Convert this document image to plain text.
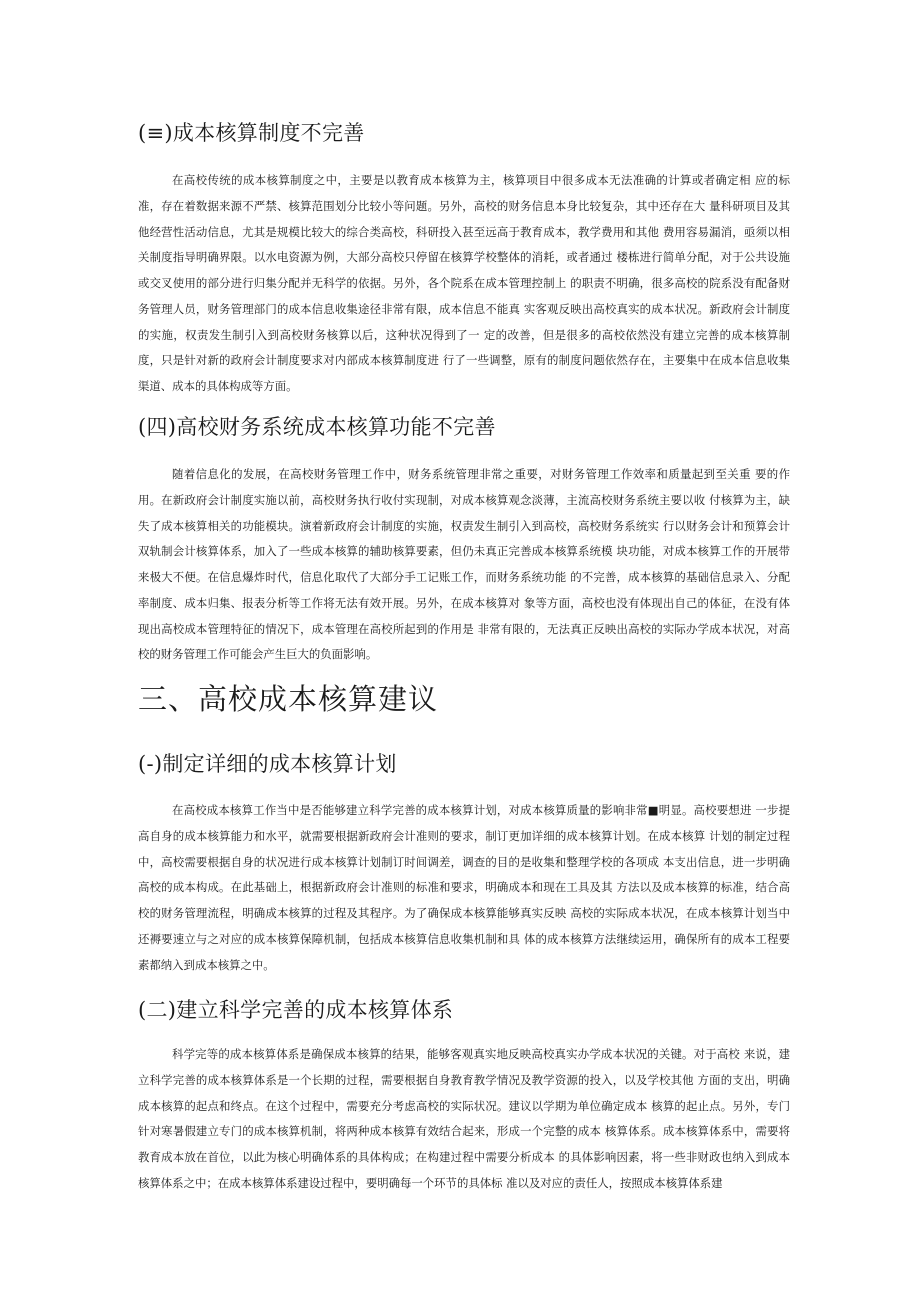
(≡)成本核算制度不完善

在高校传统的成本核算制度之中，主要是以教育成本核算为主，核算项目中很多成本无法准确的计算或者确定相 应的标准，存在着数据来源不严禁、核算范围划分比较小等问题。另外，高校的财务信息本身比较复杂，其中还存在大 量科研项目及其他经营性活动信息，尤其是规模比较大的综合类高校，科研投入甚至远高于教育成本，教学费用和其他 费用容易漏消，亟须以相关制度指导明确界限。以水电资源为例，大部分高校只停留在核算学校整体的消耗，或者通过 楼栋进行简单分配，对于公共设施或交叉使用的部分进行归集分配并无科学的依据。另外，各个院系在成本管理控制上 的职责不明确，很多高校的院系没有配备财务管理人员，财务管理部门的成本信息收集途径非常有限，成本信息不能真 实客观反映出高校真实的成本状况。新政府会计制度的实施，权责发生制引入到高校财务核算以后，这种状况得到了一 定的改善，但是很多的高校依然没有建立完善的成本核算制度，只是针对新的政府会计制度要求对内部成本核算制度进 行了一些调整，原有的制度问题依然存在，主要集中在成本信息收集渠道、成本的具体构成等方面。

(四)高校财务系统成本核算功能不完善

随着信息化的发展，在高校财务管理工作中，财务系统管理非常之重要，对财务管理工作效率和质量起到至关重 要的作用。在新政府会计制度实施以前，高校财务执行收付实现制，对成本核算观念淡薄，主流高校财务系统主要以收 付核算为主，缺失了成本核算相关的功能模块。演着新政府会计制度的实施，权责发生制引入到高校，高校财务系统实 行以财务会计和预算会计双轨制会计核算体系，加入了一些成本核算的辅助核算要素，但仍未真正完善成本核算系统模 块功能，对成本核算工作的开展带来极大不便。在信息爆炸时代，信息化取代了大部分手工记账工作，而财务系统功能 的不完善，成本核算的基础信息录入、分配率制度、成本归集、报表分析等工作将无法有效开展。另外，在成本核算对 象等方面，高校也没有体现出自己的体征，在没有体现出高校成本管理特征的情况下，成本管理在高校所起到的作用是 非常有限的，无法真正反映出高校的实际办学成本状况，对高校的财务管理工作可能会产生巨大的负面影响。

三、高校成本核算建议
(-)制定详细的成本核算计划

在高校成本核算工作当中是否能够建立科学完善的成本核算计划，对成本核算质量的影响非常■明显。高校要想进 一步提高自身的成本核算能力和水平，就需要根据新政府会计准则的要求，制订更加详细的成本核算计划。在成本核算 计划的制定过程中，高校需要根据自身的状况进行成本核算计划制订时间调差，调查的目的是收集和整理学校的各项成 本支出信息，进一步明确高校的成本构成。在此基础上，根据新政府会计准则的标准和要求，明确成本和现在工具及其 方法以及成本核算的标准，结合高校的财务管理流程，明确成本核算的过程及其程序。为了确保成本核算能够真实反映 高校的实际成本状况，在成本核算计划当中还褥要速立与之对应的成本核算保障机制，包括成本核算信息收集机制和具 体的成本核算方法继续运用，确保所有的成本工程要素都纳入到成本核算之中。

(二)建立科学完善的成本核算体系

科学完等的成本核算体系是确保成本核算的结果，能够客观真实地反映高校真实办学成本状况的关键。对于高校 来说，建立科学完善的成本核算体系是一个长期的过程，需要根据自身教育教学情况及教学资源的投入，以及学校其他 方面的支出，明确成本核算的起点和终点。在这个过程中，需要充分考虑高校的实际状况。建议以学期为单位确定成本 核算的起止点。另外，专门针对寒暑假建立专门的成本核算机制，将两种成本核算有效结合起来，形成一个完整的成本 核算体系。成本核算体系中，需要将教育成本放在首位，以此为核心明确体系的具体构成；在构建过程中需要分析成本 的具体影响因素，将一些非财政也纳入到成本核算体系之中；在成本核算体系建设过程中，要明确每一个环节的具体标 准以及对应的责任人，按照成本核算体系建
